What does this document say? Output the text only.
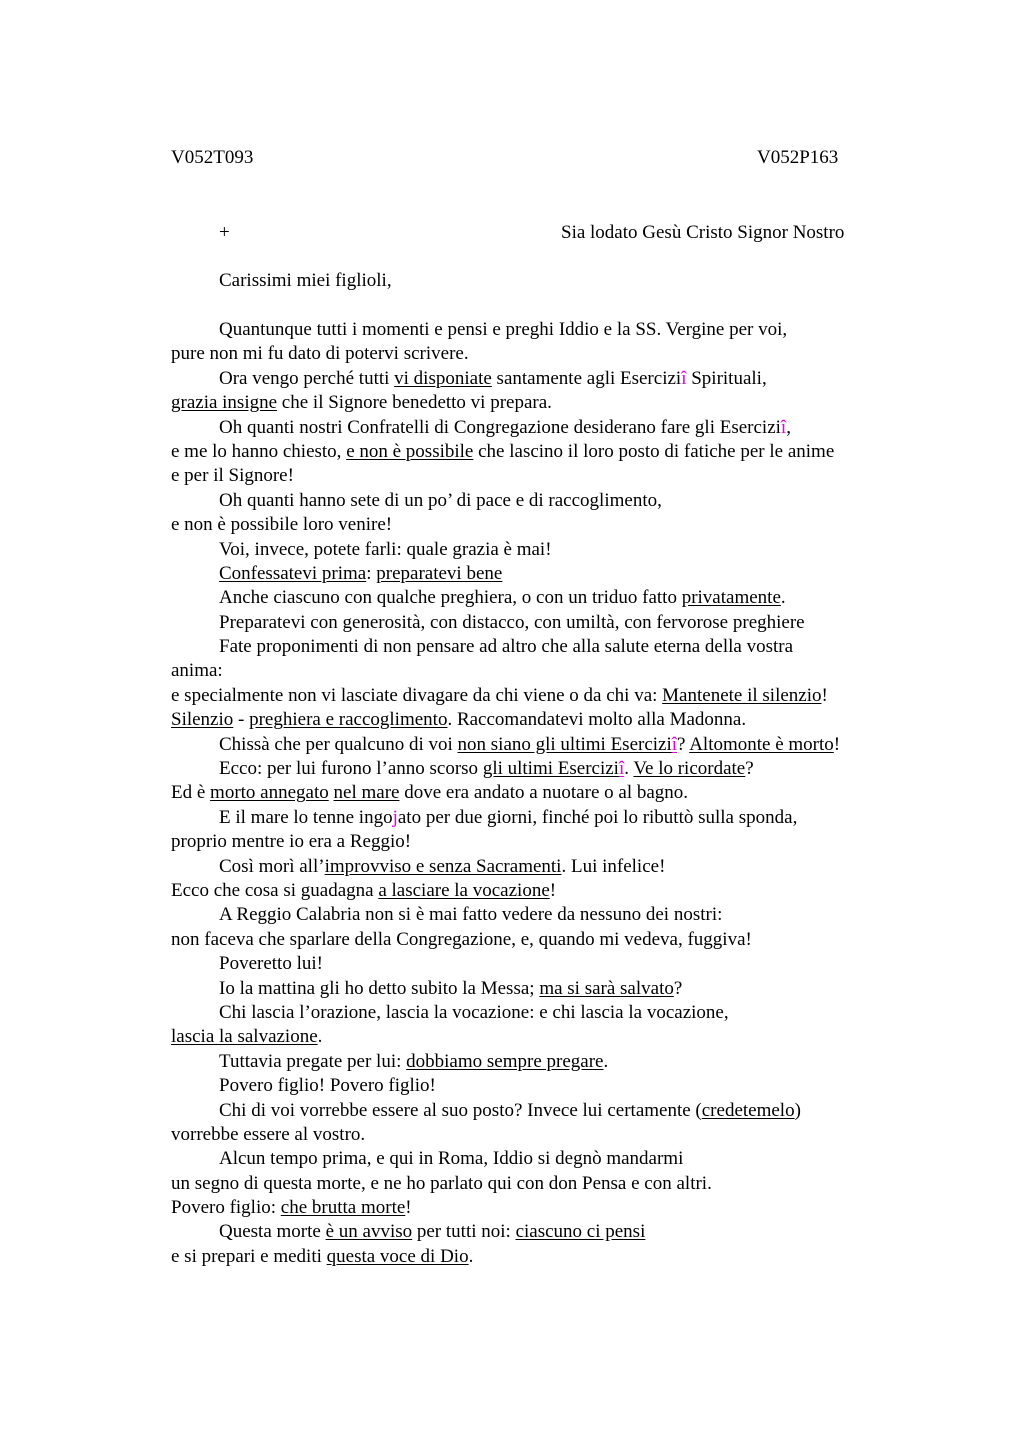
V052T093	V052P163
+	Sia lodato Gesù Cristo Signor Nostro
Carissimi miei figlioli,
Quantunque tutti i momenti e pensi e preghi Iddio e la SS. Vergine per voi,
pure non mi fu dato di potervi scrivere.
Ora vengo perché tutti vi disponiate santamente agli Eserciziî Spirituali,
grazia insigne che il Signore benedetto vi prepara.
Oh quanti nostri Confratelli di Congregazione desiderano fare gli Eserciziî,
e me lo hanno chiesto, e non è possibile che lascino il loro posto di fatiche per le anime
e per il Signore!
Oh quanti hanno sete di un po’ di pace e di raccoglimento,
e non è possibile loro venire!
Voi, invece, potete farli: quale grazia è mai!
Confessatevi prima: preparatevi bene
Anche ciascuno con qualche preghiera, o con un triduo fatto privatamente.
Preparatevi con generosità, con distacco, con umiltà, con fervorose preghiere
Fate proponimenti di non pensare ad altro che alla salute eterna della vostra
anima:
e specialmente non vi lasciate divagare da chi viene o da chi va: Mantenete il silenzio!
Silenzio - preghiera e raccoglimento. Raccomandatevi molto alla Madonna.
Chissà che per qualcuno di voi non siano gli ultimi Eserciziî? Altomonte è morto!
Ecco: per lui furono l’anno scorso gli ultimi Eserciziî. Ve lo ricordate?
Ed è morto annegato nel mare dove era andato a nuotare o al bagno.
E il mare lo tenne ingojato per due giorni, finché poi lo ributtò sulla sponda,
proprio mentre io era a Reggio!
Così morì all’improvviso e senza Sacramenti. Lui infelice!
Ecco che cosa si guadagna a lasciare la vocazione!
A Reggio Calabria non si è mai fatto vedere da nessuno dei nostri:
non faceva che sparlare della Congregazione, e, quando mi vedeva, fuggiva!
Poveretto lui!
Io la mattina gli ho detto subito la Messa; ma si sarà salvato?
Chi lascia l’orazione, lascia la vocazione: e chi lascia la vocazione,
lascia la salvazione.
Tuttavia pregate per lui: dobbiamo sempre pregare.
Povero figlio! Povero figlio!
Chi di voi vorrebbe essere al suo posto? Invece lui certamente (credetemelo)
vorrebbe essere al vostro.
Alcun tempo prima, e qui in Roma, Iddio si degnò mandarmi
un segno di questa morte, e ne ho parlato qui con don Pensa e con altri.
Povero figlio: che brutta morte!
Questa morte è un avviso per tutti noi: ciascuno ci pensi
e si prepari e mediti questa voce di Dio.
